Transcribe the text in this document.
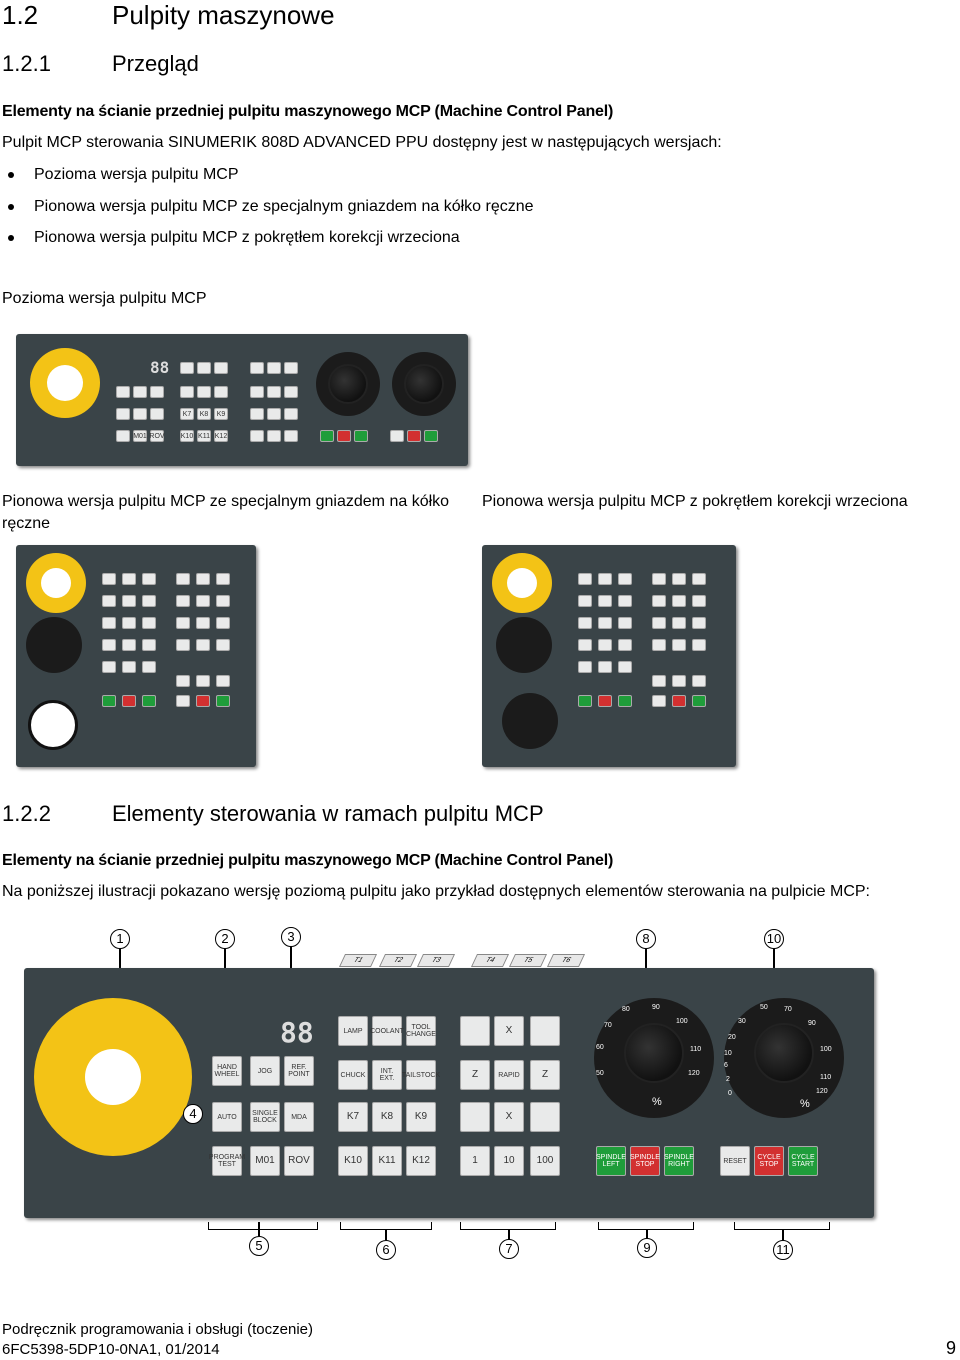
1.2	Pulpity maszynowe
1.2.1	Przegląd
Elementy na ścianie przedniej pulpitu maszynowego MCP (Machine Control Panel)
Pulpit MCP sterowania SINUMERIK 808D ADVANCED PPU dostępny jest w następujących wersjach:
Pozioma wersja pulpitu MCP
Pionowa wersja pulpitu MCP ze specjalnym gniazdem na kółko ręczne
Pionowa wersja pulpitu MCP z pokrętłem korekcji wrzeciona
Pozioma wersja pulpitu MCP
88
M01 ROV
K7 K8 K9
K10 K11 K12
Pionowa wersja pulpitu MCP ze specjalnym gniazdem na kółko ręczne
Pionowa wersja pulpitu MCP z pokrętłem korekcji wrzeciona
1.2.2	Elementy sterowania w ramach pulpitu MCP
Elementy na ścianie przedniej pulpitu maszynowego MCP (Machine Control Panel)
Na poniższej ilustracji pokazano wersję poziomą pulpitu jako przykład dostępnych elementów sterowania na pulpicie MCP:
1	2	3	8	10
T1	T2	T3	T4	T5	T6
88
HAND WHEEL	JOG	REF. POINT
AUTO SINGLE BLOCK	MDA
PROGRAM TEST	M01 ROV
LAMP COOLANT	TOOL CHANGE
CHUCK	INT. EXT.	TAILSTOCK
K7 K8 K9
K10 K11 K12
X
Z	RAPID Z
X
1	10 100
70
80	90
100
110
120
60
50
%
30
50 70
90
100
110
120
20
10
6
2
0
%
SPINDLE LEFT
SPINDLE STOP
SPINDLE RIGHT	RESET	CYCLE STOP
CYCLE START
4
5	6	7	9	11
Podręcznik programowania i obsługi (toczenie)
6FC5398-5DP10-0NA1, 01/2014	9
